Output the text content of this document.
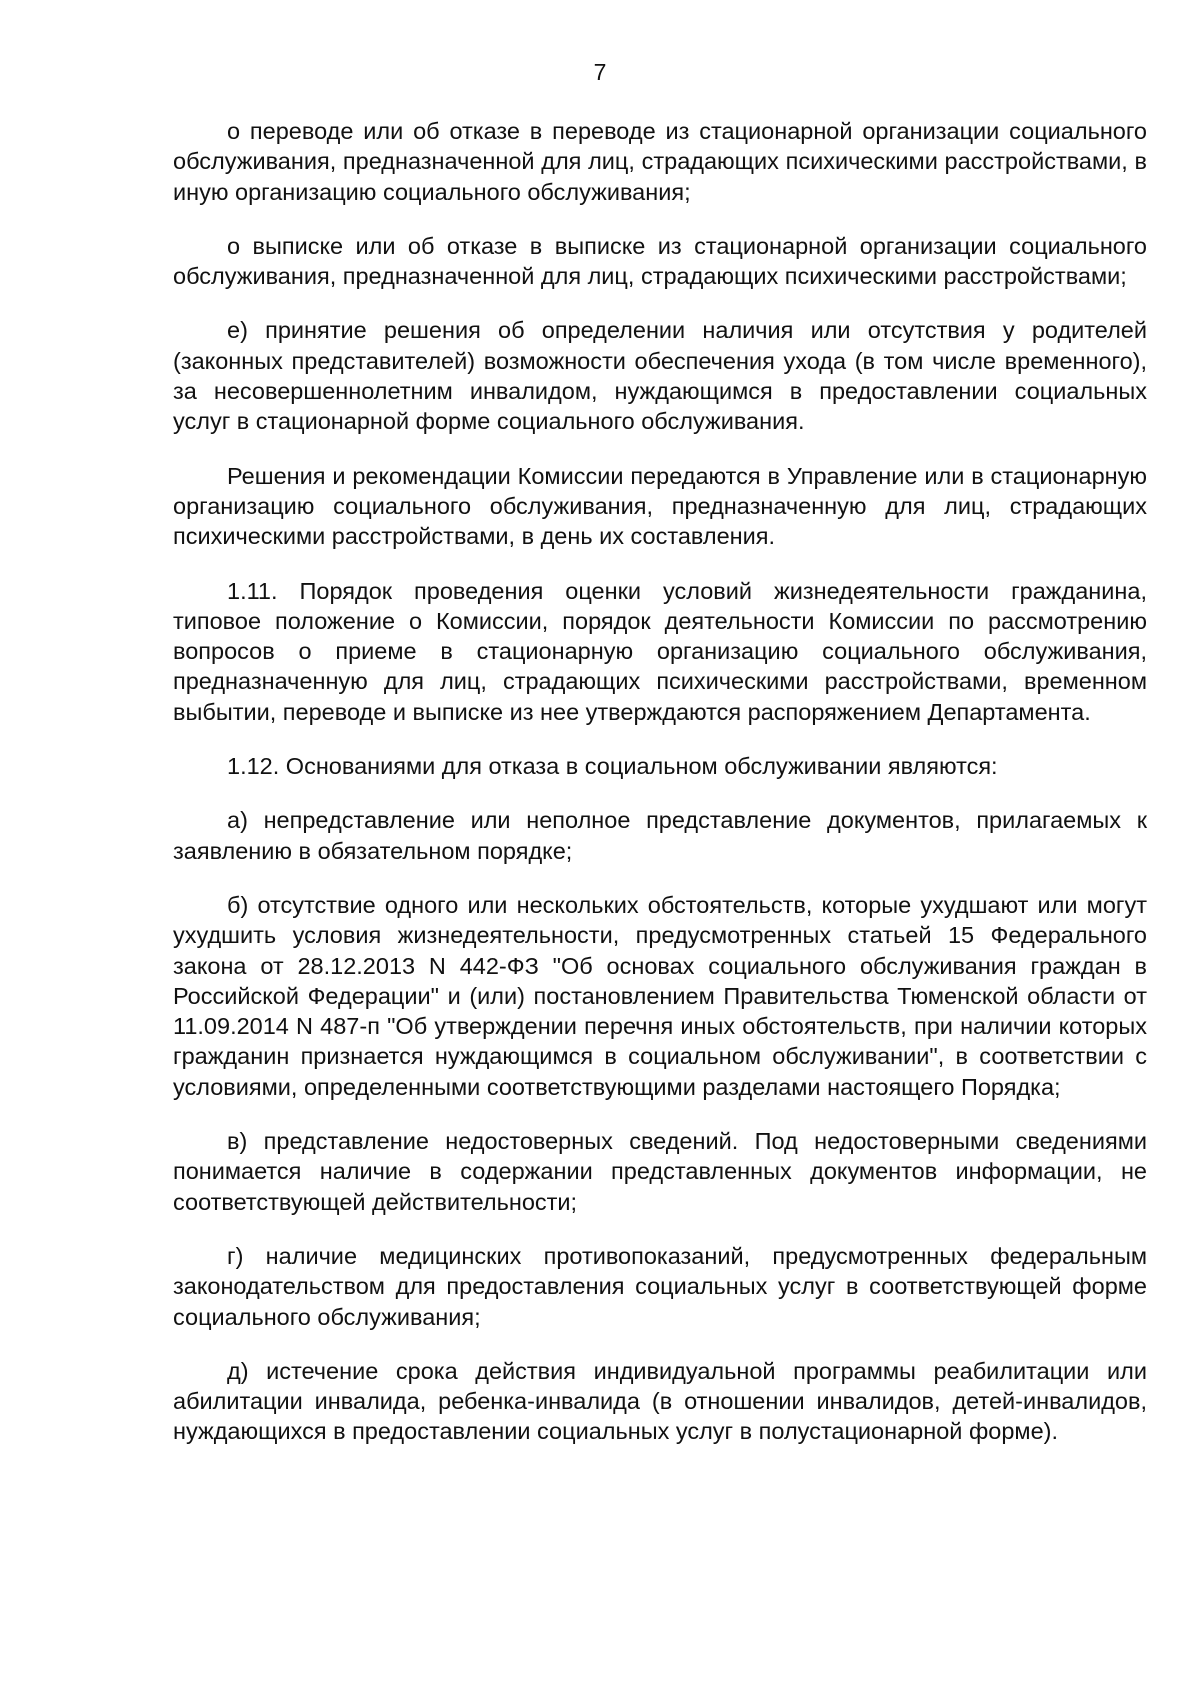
7

о переводе или об отказе в переводе из стационарной организации социального обслуживания, предназначенной для лиц, страдающих психическими расстройствами, в иную организацию социального обслуживания;

о выписке или об отказе в выписке из стационарной организации социального обслуживания, предназначенной для лиц, страдающих психическими расстройствами;

е) принятие решения об определении наличия или отсутствия у родителей (законных представителей) возможности обеспечения ухода (в том числе временного), за несовершеннолетним инвалидом, нуждающимся в предоставлении социальных услуг в стационарной форме социального обслуживания.

Решения и рекомендации Комиссии передаются в Управление или в стационарную организацию социального обслуживания, предназначенную для лиц, страдающих психическими расстройствами, в день их составления.

1.11. Порядок проведения оценки условий жизнедеятельности гражданина, типовое положение о Комиссии, порядок деятельности Комиссии по рассмотрению вопросов о приеме в стационарную организацию социального обслуживания, предназначенную для лиц, страдающих психическими расстройствами, временном выбытии, переводе и выписке из нее утверждаются распоряжением Департамента.

1.12. Основаниями для отказа в социальном обслуживании являются:

а) непредставление или неполное представление документов, прилагаемых к заявлению в обязательном порядке;

б) отсутствие одного или нескольких обстоятельств, которые ухудшают или могут ухудшить условия жизнедеятельности, предусмотренных статьей 15 Федерального закона от 28.12.2013 N 442-ФЗ "Об основах социального обслуживания граждан в Российской Федерации" и (или) постановлением Правительства Тюменской области от 11.09.2014 N 487-п "Об утверждении перечня иных обстоятельств, при наличии которых гражданин признается нуждающимся в социальном обслуживании", в соответствии с условиями, определенными соответствующими разделами настоящего Порядка;

в) представление недостоверных сведений. Под недостоверными сведениями понимается наличие в содержании представленных документов информации, не соответствующей действительности;

г) наличие медицинских противопоказаний, предусмотренных федеральным законодательством для предоставления социальных услуг в соответствующей форме социального обслуживания;

д) истечение срока действия индивидуальной программы реабилитации или абилитации инвалида, ребенка-инвалида (в отношении инвалидов, детей-инвалидов, нуждающихся в предоставлении социальных услуг в полустационарной форме).
